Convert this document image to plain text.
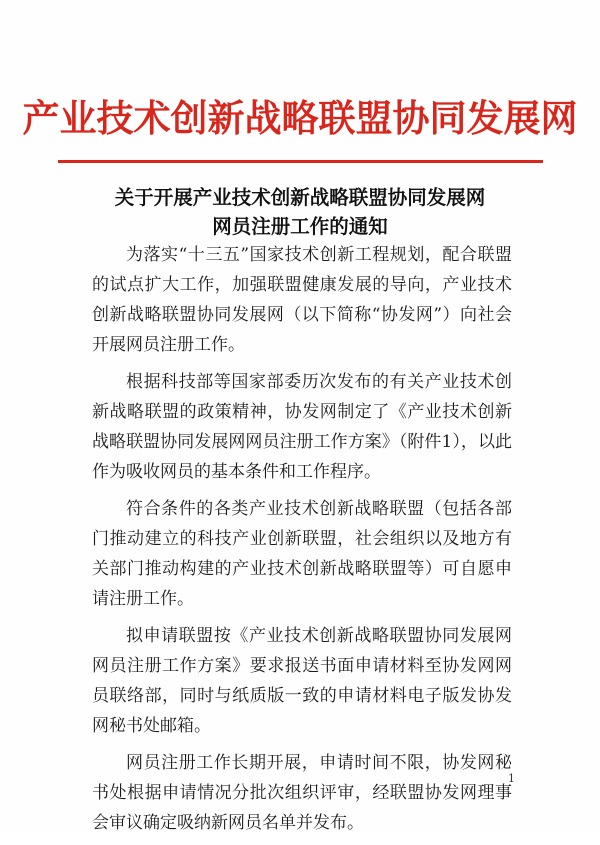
产业技术创新战略联盟协同发展网
关于开展产业技术创新战略联盟协同发展网
网员注册工作的通知

为落实“十三五”国家技术创新工程规划，配合联盟的试点扩大工作，加强联盟健康发展的导向，产业技术创新战略联盟协同发展网（以下简称“协发网”）向社会开展网员注册工作。

根据科技部等国家部委历次发布的有关产业技术创新战略联盟的政策精神，协发网制定了《产业技术创新战略联盟协同发展网网员注册工作方案》（附件1），以此作为吸收网员的基本条件和工作程序。

符合条件的各类产业技术创新战略联盟（包括各部门推动建立的科技产业创新联盟，社会组织以及地方有关部门推动构建的产业技术创新战略联盟等）可自愿申请注册工作。

拟申请联盟按《产业技术创新战略联盟协同发展网网员注册工作方案》要求报送书面申请材料至协发网网员联络部，同时与纸质版一致的申请材料电子版发协发网秘书处邮箱。

网员注册工作长期开展，申请时间不限，协发网秘书处根据申请情况分批次组织评审，经联盟协发网理事会审议确定吸纳新网员名单并发布。

1
